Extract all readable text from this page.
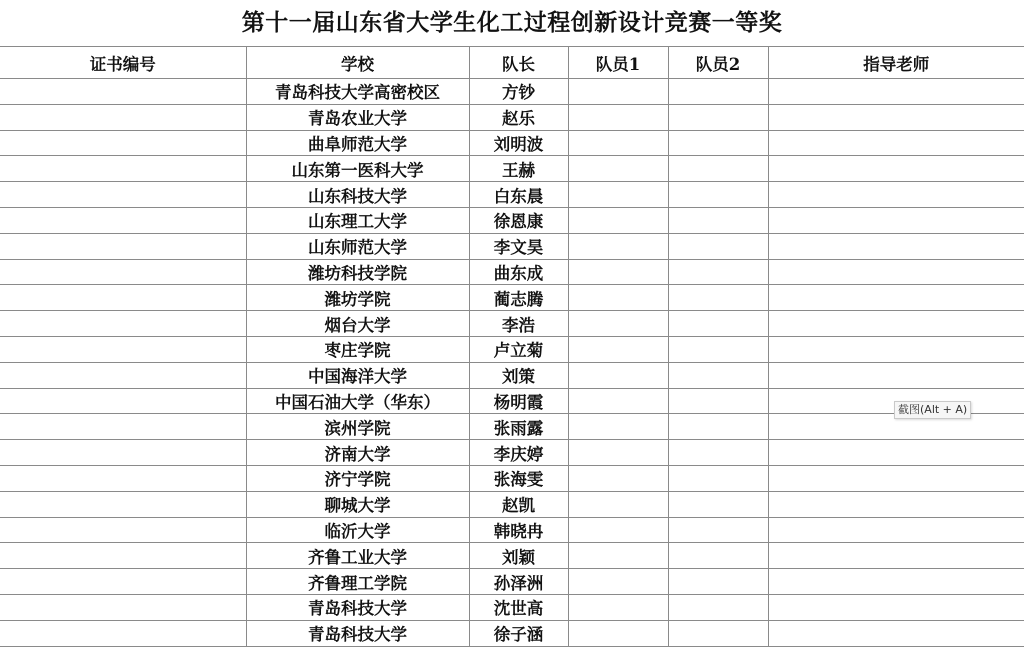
第十一届山东省大学生化工过程创新设计竞赛一等奖
证书编号	学校	队长	队员1	队员2	指导老师
	青岛科技大学高密校区	方钞			
	青岛农业大学	赵乐			
	曲阜师范大学	刘明波			
	山东第一医科大学	王赫			
	山东科技大学	白东晨			
	山东理工大学	徐恩康			
	山东师范大学	李文昊			
	潍坊科技学院	曲东成			
	潍坊学院	蔺志腾			
	烟台大学	李浩			
	枣庄学院	卢立菊			
	中国海洋大学	刘策			
	中国石油大学（华东）	杨明霞			
	滨州学院	张雨露			
	济南大学	李庆婷			
	济宁学院	张海雯			
	聊城大学	赵凯			
	临沂大学	韩晓冉			
	齐鲁工业大学	刘颖			
	齐鲁理工学院	孙泽洲			
	青岛科技大学	沈世高			
	青岛科技大学	徐子涵			
截图(Alt + A)
